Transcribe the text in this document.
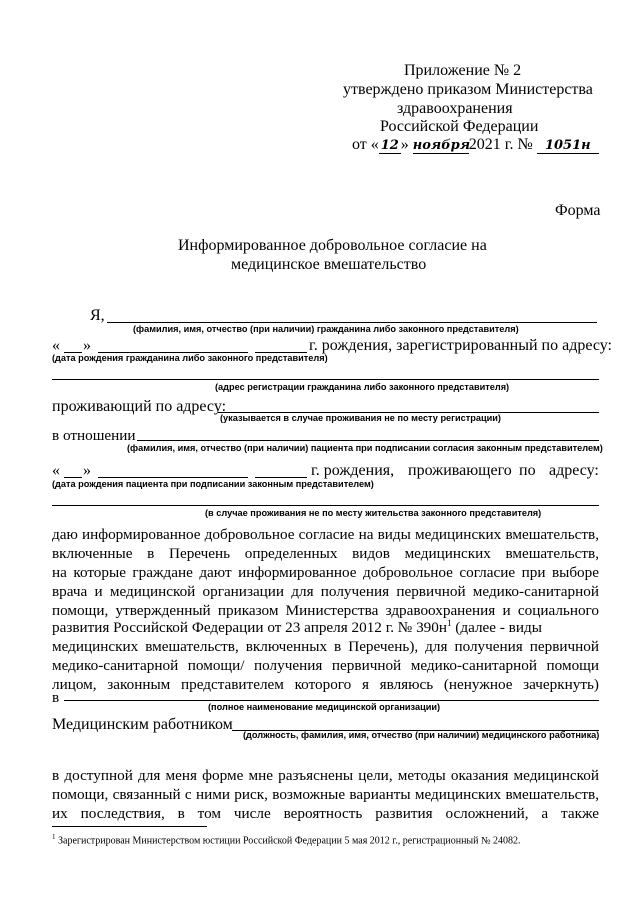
Приложение № 2
утверждено приказом Министерства
здравоохранения
Российской Федерации
от « 12 » ноября2021 г. № 1051н
Форма
Информированное добровольное согласие на
медицинское вмешательство
Я,
(фамилия, имя, отчество (при наличии) гражданина либо законного представителя)
« »	г. рождения, зарегистрированный по адресу:
(дата рождения гражданина либо законного представителя)
(адрес регистрации гражданина либо законного представителя)
проживающий по адресу:
(указывается в случае проживания не по месту регистрации)
в отношении
(фамилия, имя, отчество (при наличии) пациента при подписании согласия законным представителем)
« »	г. рождения, проживающего по адресу:
(дата рождения пациента при подписании законным представителем)
(в случае проживания не по месту жительства законного представителя)
даю информированное добровольное согласие на виды медицинских вмешательств,
включенные в Перечень определенных видов медицинских вмешательств,
на которые граждане дают информированное добровольное согласие при выборе
врача и медицинской организации для получения первичной медико-санитарной
помощи, утвержденный приказом Министерства здравоохранения и социального
развития Российской Федерации от 23 апреля 2012 г. № $390н^1$ (далее - виды
медицинских вмешательств, включенных в Перечень), для получения первичной
медико-санитарной помощи/ получения первичной медико-санитарной помощи
лицом, законным представителем которого я являюсь (ненужное зачеркнуть)
в
(полное наименование медицинской организации)
Медицинским работником
(должность, фамилия, имя, отчество (при наличии) медицинского работника)
в доступной для меня форме мне разъяснены цели, методы оказания медицинской
помощи, связанный с ними риск, возможные варианты медицинских вмешательств,
их последствия, в том числе вероятность развития осложнений, а также
$^1$ Зарегистрирован Министерством юстиции Российской Федерации 5 мая 2012 г., регистрационный № 24082.
